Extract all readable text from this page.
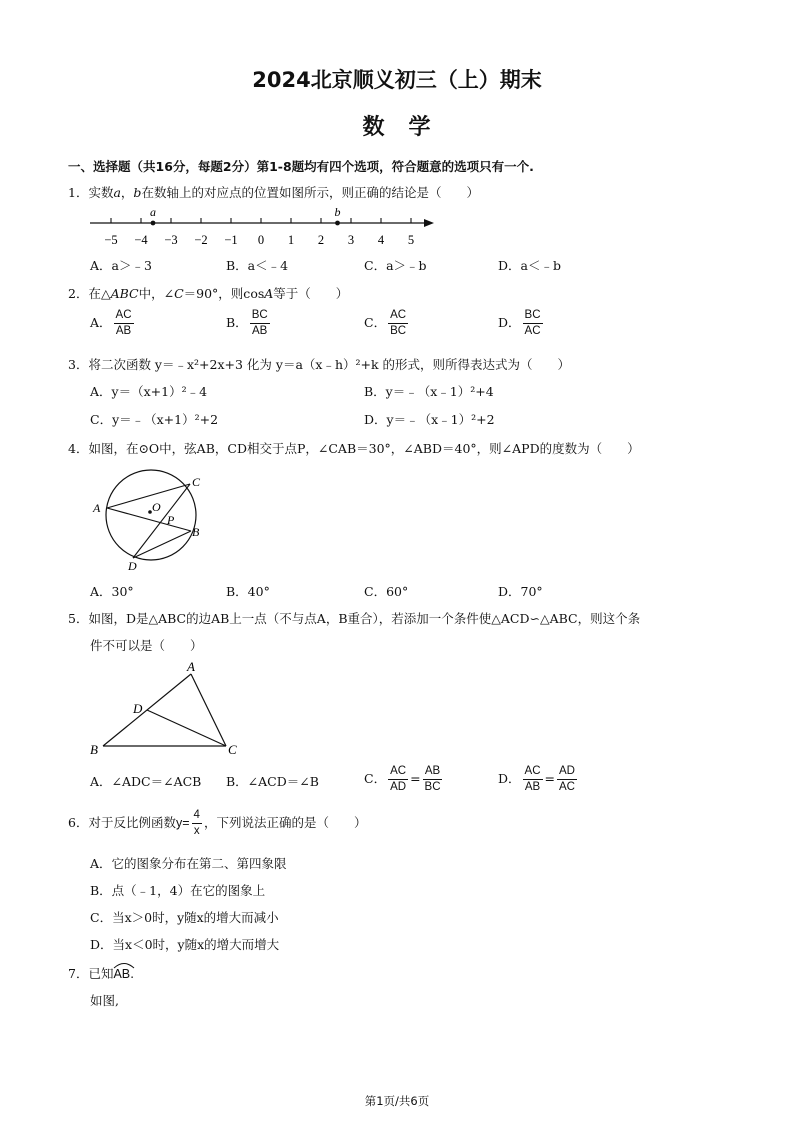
2024北京顺义初三（上）期末
数　学
一、选择题（共16分，每题2分）第1-8题均有四个选项，符合题意的选项只有一个.
1．实数a，b在数轴上的对应点的位置如图所示，则正确的结论是（　　）
−5 −4 −3 −2 −1 0 1 2 3 4 5
a	b
A．a＞﹣3	B．a＜﹣4	C．a＞﹣b	D．a＜﹣b
2．在△ABC中，∠C＝90°，则cosA等于（　　）
A． $\frac{AC}{AB}$	B． $\frac{BC}{AB}$	C． $\frac{AC}{BC}$	D． $\frac{BC}{AC}$
3．将二次函数 y＝﹣x²+2x+3 化为 y＝a（x﹣h）²+k 的形式，则所得表达式为（　　）
A．y＝（x+1）²﹣4	B．y＝﹣（x﹣1）²+4
C．y＝﹣（x+1）²+2	D．y＝﹣（x﹣1）²+2
4．如图，在⊙O中，弦AB，CD相交于点P，∠CAB＝30°，∠ABD＝40°，则∠APD的度数为（　　）
A
C
B
D
O
P
A．30°	B．40°	C．60°	D．70°
5．如图，D是△ABC的边AB上一点（不与点A，B重合），若添加一个条件使△ACD∽△ABC，则这个条
件不可以是（　　）
A
B	C
D
A．∠ADC＝∠ACB B．∠ACD＝∠B	C． $\frac{AC}{AD} = \frac{AB}{BC}$	D． $\frac{AC}{AB} = \frac{AD}{AC}$
6．对于反比例函数$y= \frac{4}{x}$ ，下列说法正确的是（　　）
A．它的图象分布在第二、第四象限
B．点（﹣1，4）在它的图象上
C．当x＞0时，y随x的增大而减小
D．当x＜0时，y随x的增大而增大
7．已知
AB.
如图,
第1页/共6页
